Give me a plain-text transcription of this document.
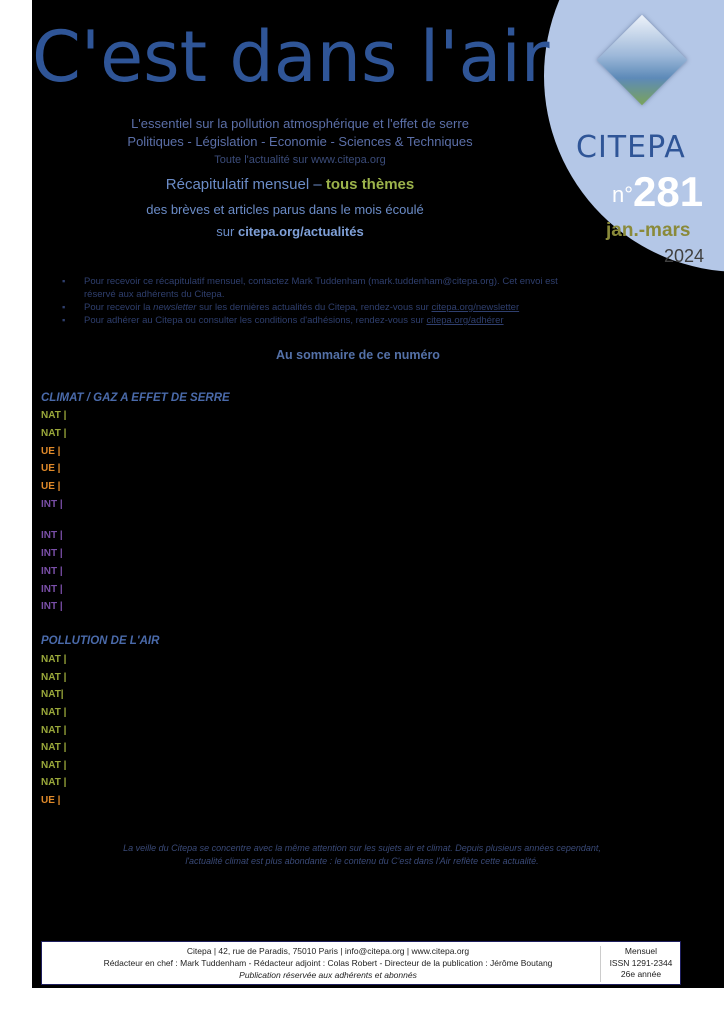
C'est dans l'air
CITEPA
n°281
jan.-mars
2024
L'essentiel sur la pollution atmosphérique et l'effet de serre
Politiques - Législation - Economie - Sciences & Techniques
Toute l'actualité sur www.citepa.org
Récapitulatif mensuel – tous thèmes
des brèves et articles parus dans le mois écoulé
sur citepa.org/actualités
▪ Pour recevoir ce récapitulatif mensuel, contactez Mark Tuddenham (mark.tuddenham@citepa.org). Cet envoi est réservé aux adhérents du Citepa.
▪ Pour recevoir la newsletter sur les dernières actualités du Citepa, rendez-vous sur citepa.org/newsletter
▪ Pour adhérer au Citepa ou consulter les conditions d'adhésions, rendez-vous sur citepa.org/adhérer
Au sommaire de ce numéro
CLIMAT / GAZ A EFFET DE SERRE
NAT |
NAT |
UE |
UE |
UE |
INT |
INT |
INT |
INT |
INT |
INT |
POLLUTION DE L'AIR
NAT |
NAT |
NAT|
NAT |
NAT |
NAT |
NAT |
NAT |
UE |
La veille du Citepa se concentre avec la même attention sur les sujets air et climat. Depuis plusieurs années cependant,
l'actualité climat est plus abondante : le contenu du C'est dans l'Air reflète cette actualité.
Citepa | 42, rue de Paradis, 75010 Paris | info@citepa.org | www.citepa.org
Rédacteur en chef : Mark Tuddenham - Rédacteur adjoint : Colas Robert - Directeur de la publication : Jérôme Boutang
Publication réservée aux adhérents et abonnés
Mensuel
ISSN 1291-2344
26e année
